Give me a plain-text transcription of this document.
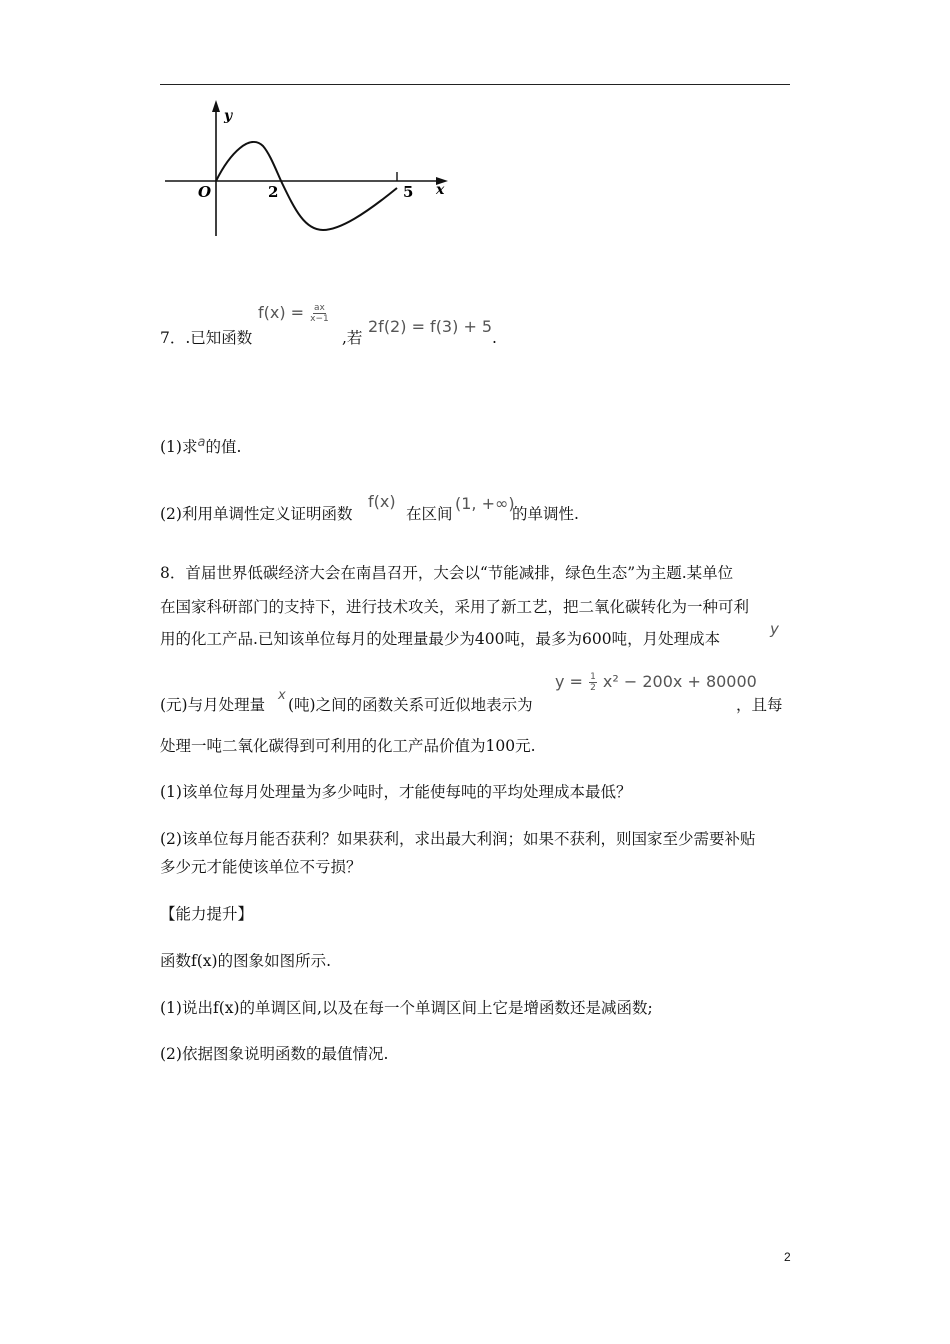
y
x
O	2	5
7．.已知函数
$f(x) = \frac{ax}{x-1}$
,若
2f(2) = f(3) + 5
.
(1)求$^a$的值.
(2)利用单调性定义证明函数
f(x)
在区间
(1, +∞)
的单调性.
8．首届世界低碳经济大会在南昌召开，大会以“节能减排，绿色生态”为主题.某单位
在国家科研部门的支持下，进行技术攻关，采用了新工艺，把二氧化碳转化为一种可利
用的化工产品.已知该单位每月的处理量最少为400吨，最多为600吨，月处理成本
y
(元)与月处理量
x
(吨)之间的函数关系可近似地表示为
$y = \frac{1}{2} x^2 - 200x + 80000$
，且每
处理一吨二氧化碳得到可利用的化工产品价值为100元.
(1)该单位每月处理量为多少吨时，才能使每吨的平均处理成本最低？
(2)该单位每月能否获利？如果获利，求出最大利润；如果不获利，则国家至少需要补贴
多少元才能使该单位不亏损？
【能力提升】
函数f(x)的图象如图所示.
(1)说出f(x)的单调区间,以及在每一个单调区间上它是增函数还是减函数;
(2)依据图象说明函数的最值情况.
2
